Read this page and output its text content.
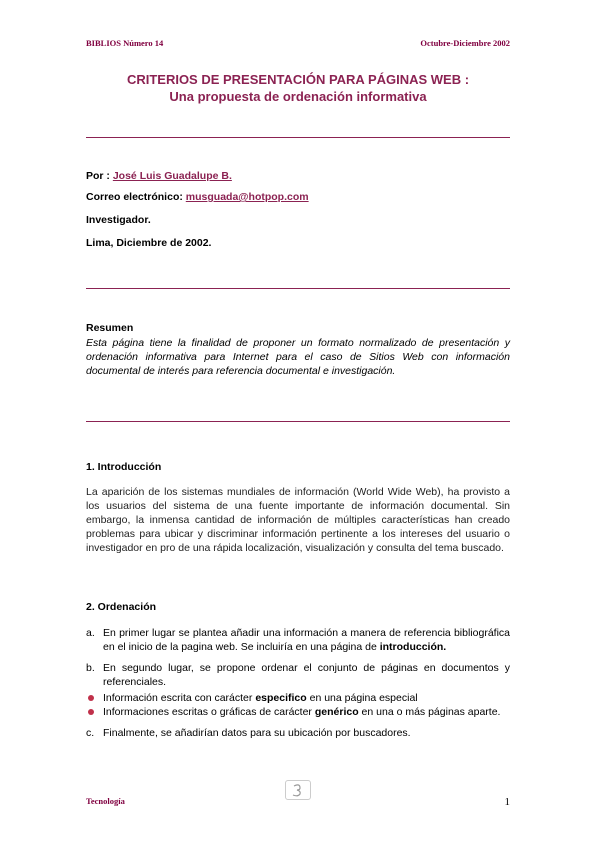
BIBLIOS Número 14	Octubre-Diciembre 2002
CRITERIOS DE PRESENTACIÓN PARA PÁGINAS WEB :
Una propuesta de ordenación informativa
Por : José Luis Guadalupe B.
Correo electrónico: musguada@hotpop.com
Investigador.
Lima, Diciembre de 2002.
Resumen
Esta página tiene la finalidad de proponer un formato normalizado de presentación y ordenación informativa para Internet para el caso de Sitios Web con información documental de interés para referencia documental e investigación.
1. Introducción
La aparición de los sistemas mundiales de información (World Wide Web), ha provisto a los usuarios del sistema de una fuente importante de información documental. Sin embargo, la inmensa cantidad de información de múltiples características han creado problemas para ubicar y discriminar información pertinente a los intereses del usuario o investigador en pro de una rápida localización, visualización y consulta del tema buscado.
2. Ordenación
a. En primer lugar se plantea añadir una información a manera de referencia bibliográfica en el inicio de la pagina web. Se incluiría en una página de introducción.
b. En segundo lugar, se propone ordenar el conjunto de páginas en documentos y referenciales.
Información escrita con carácter especifico en una página especial
Informaciones escritas o gráficas de carácter genérico en una o más páginas aparte.
c. Finalmente, se añadirían datos para su ubicación por buscadores.
Tecnología	1
